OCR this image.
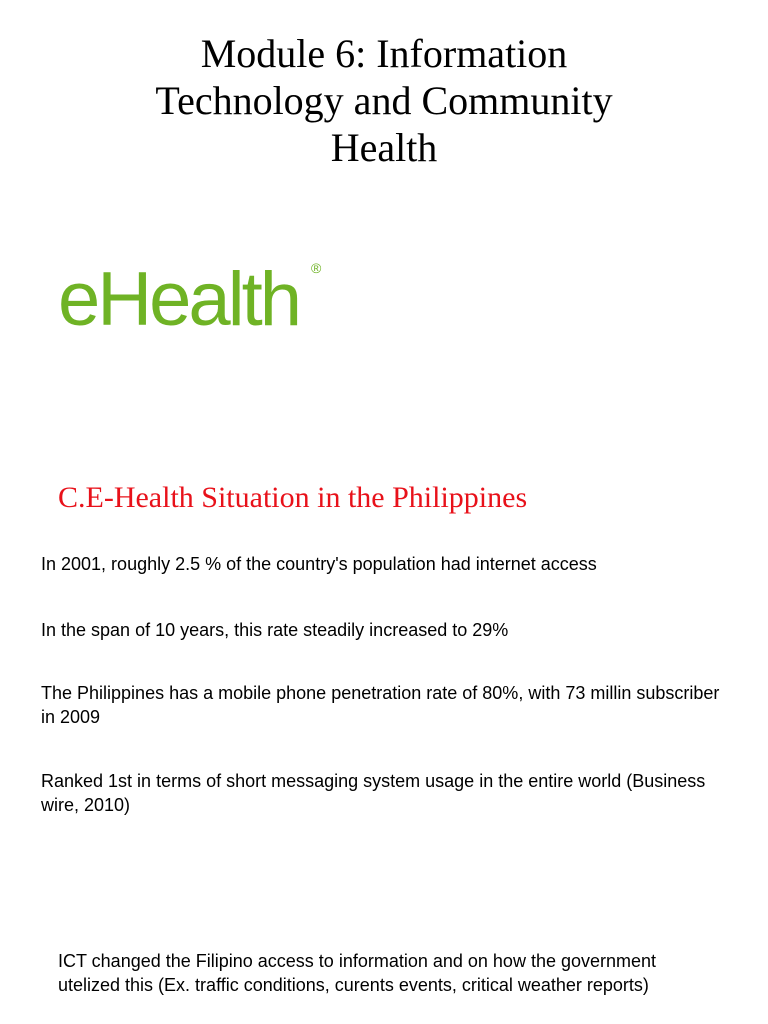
Module 6: Information
Technology and Community
Health
eHealth ®
C.E-Health Situation in the Philippines

In 2001, roughly 2.5 % of the country's population had internet access

In the span of 10 years, this rate steadily increased to 29%

The Philippines has a mobile phone penetration rate of 80%, with 73 millin subscriber in 2009

Ranked 1st in terms of short messaging system usage in the entire world (Business wire, 2010)

ICT changed the Filipino access to information and on how the government utelized this (Ex. traffic conditions, curents events, critical weather reports)
